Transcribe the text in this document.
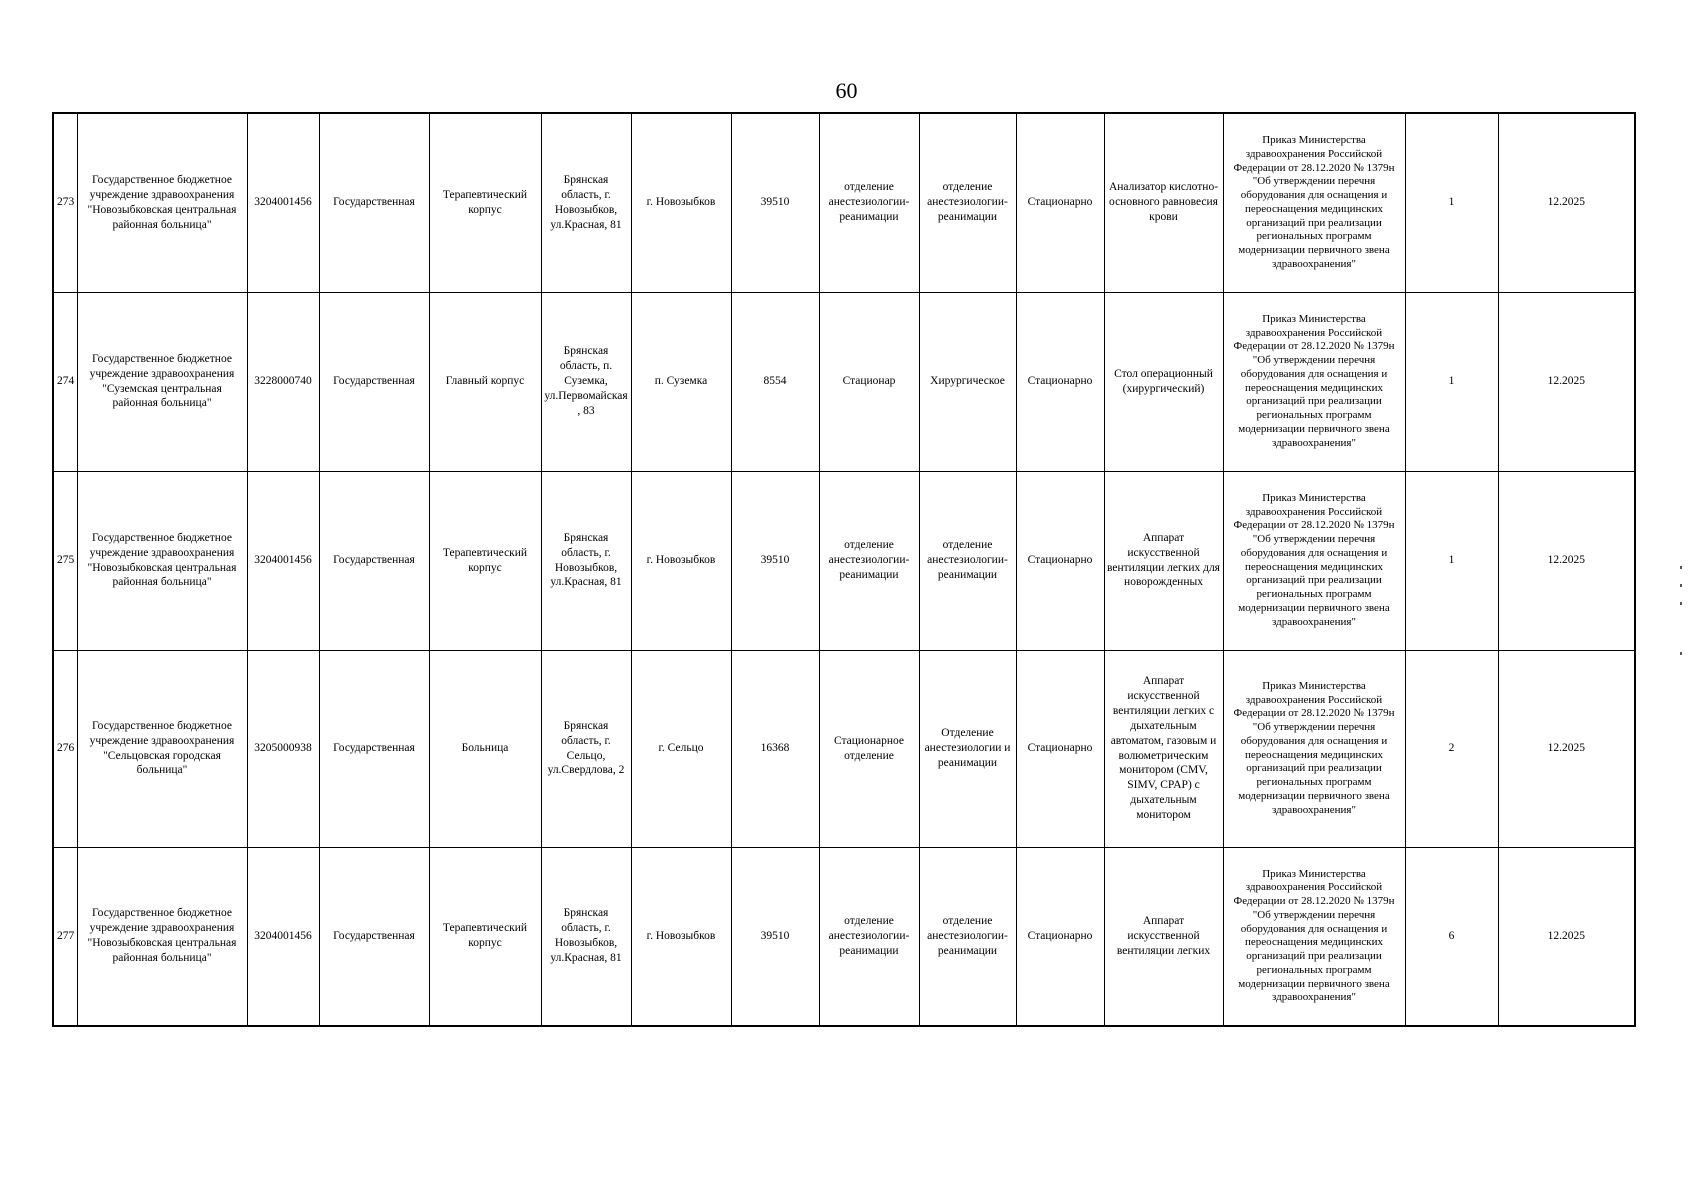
60
273	Государственное бюджетное учреждение здравоохранения "Новозыбковская центральная районная больница"	3204001456	Государственная	Терапевтический корпус	Брянская область, г. Новозыбков, ул.Красная, 81	г. Новозыбков	39510	отделение анестезиологии-реанимации	отделение анестезиологии-реанимации	Стационарно	Анализатор кислотно-основного равновесия крови	Приказ Министерства здравоохранения Российской Федерации от 28.12.2020 № 1379н "Об утверждении перечня оборудования для оснащения и переоснащения медицинских организаций при реализации региональных программ модернизации первичного звена здравоохранения"	1	12.2025
274	Государственное бюджетное учреждение здравоохранения "Суземская центральная районная больница"	3228000740	Государственная	Главный корпус	Брянская область, п. Суземка, ул.Первомайская, 83	п. Суземка	8554	Стационар	Хирургическое	Стационарно	Стол операционный (хирургический)	Приказ Министерства здравоохранения Российской Федерации от 28.12.2020 № 1379н "Об утверждении перечня оборудования для оснащения и переоснащения медицинских организаций при реализации региональных программ модернизации первичного звена здравоохранения"	1	12.2025
275	Государственное бюджетное учреждение здравоохранения "Новозыбковская центральная районная больница"	3204001456	Государственная	Терапевтический корпус	Брянская область, г. Новозыбков, ул.Красная, 81	г. Новозыбков	39510	отделение анестезиологии-реанимации	отделение анестезиологии-реанимации	Стационарно	Аппарат искусственной вентиляции легких для новорожденных	Приказ Министерства здравоохранения Российской Федерации от 28.12.2020 № 1379н "Об утверждении перечня оборудования для оснащения и переоснащения медицинских организаций при реализации региональных программ модернизации первичного звена здравоохранения"	1	12.2025
276	Государственное бюджетное учреждение здравоохранения "Сельцовская городская больница"	3205000938	Государственная	Больница	Брянская область, г. Сельцо, ул.Свердлова, 2	г. Сельцо	16368	Стационарное отделение	Отделение анестезиологии и реанимации	Стационарно	Аппарат искусственной вентиляции легких с дыхательным автоматом, газовым и волюметрическим монитором (CMV, SIMV, CPAP) с дыхательным монитором	Приказ Министерства здравоохранения Российской Федерации от 28.12.2020 № 1379н "Об утверждении перечня оборудования для оснащения и переоснащения медицинских организаций при реализации региональных программ модернизации первичного звена здравоохранения"	2	12.2025
277	Государственное бюджетное учреждение здравоохранения "Новозыбковская центральная районная больница"	3204001456	Государственная	Терапевтический корпус	Брянская область, г. Новозыбков, ул.Красная, 81	г. Новозыбков	39510	отделение анестезиологии-реанимации	отделение анестезиологии-реанимации	Стационарно	Аппарат искусственной вентиляции легких	Приказ Министерства здравоохранения Российской Федерации от 28.12.2020 № 1379н "Об утверждении перечня оборудования для оснащения и переоснащения медицинских организаций при реализации региональных программ модернизации первичного звена здравоохранения"	6	12.2025
